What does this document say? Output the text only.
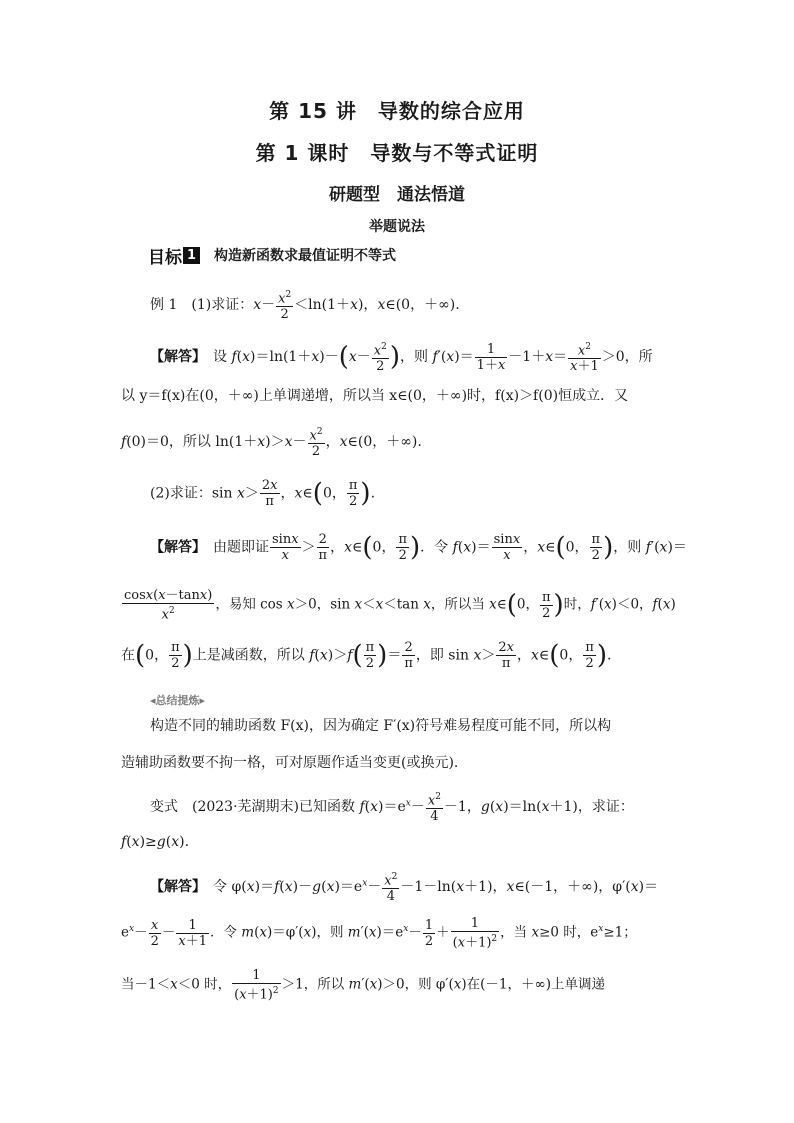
第 15 讲　导数的综合应用
第 1 课时　导数与不等式证明
研题型　通法悟道
举题说法
目标 1 构造新函数求最值证明不等式
例 1　(1)求证：$x- \frac{x^2}{2} <\ln(1+x)$，x∈(0，＋∞).
【解答】　设 $f(x)=\ln(1+x)-(x- \frac{x^2}{2}$ )，则 $f'(x)= \frac{1}{1+x} -1+x= \frac{x^2}{x+1} >0$，所
以 y＝f(x)在(0，＋∞)上单调递增，所以当 x∈(0，＋∞)时，f(x)＞f(0)恒成立．又
f(0)＝0，所以 $\ln(1+x)>x- \frac{x^2}{2}$ ，x∈(0，＋∞).
(2)求证：$\sin x> \frac{2x}{\pi}$ ，x∈(0， $\frac{\pi}{2}$ ).
【解答】　由题即证 $\frac{\sin x}{x} > \frac{2}{\pi}$ ，x∈(0， $\frac{\pi}{2}$ )．令 $f(x)= \frac{\sin x}{x}$ ，x∈(0， $\frac{\pi}{2}$ )，则 f′(x)＝
$\frac{\cos x(x-\tan x)}{x^2}$ ，易知 cos x＞0，sin x＜x＜tan x，所以当 x∈(0， $\frac{\pi}{2}$ )时，f′(x)＜0，f(x)
在(0， $\frac{\pi}{2}$ )上是减函数，所以 $f(x)>f( \frac{\pi}{2}$ )＝ $\frac{2}{\pi}$ ，即 $\sin x> \frac{2x}{\pi}$ ，x∈(0， $\frac{\pi}{2}$ ).
◂总结提炼▸
构造不同的辅助函数 F(x)，因为确定 F′(x)符号难易程度可能不同，所以构
造辅助函数要不拘一格，可对原题作适当变更(或换元).
变式　(2023·芜湖期末)已知函数 $f(x)=e^x- \frac{x^2}{4} -1$，g(x)＝ln(x＋1)，求证：
f(x)≥g(x).
【解答】　令 $\varphi(x)=f(x)-g(x)=e^x- \frac{x^2}{4} -1-\ln(x+1)$，x∈(－1，＋∞)，φ′(x)＝
$e^x- \frac{x}{2} - \frac{1}{x+1}$ ．令 m(x)＝φ′(x)，则 $m'(x)=e^x- \frac{1}{2} + \frac{1}{(x+1)^2}$ ，当 x≥0 时，$e^x\ge 1$；
当－1＜x＜0 时， $\frac{1}{(x+1)^2} >1$，所以 m′(x)＞0，则 φ′(x)在(－1，＋∞)上单调递
